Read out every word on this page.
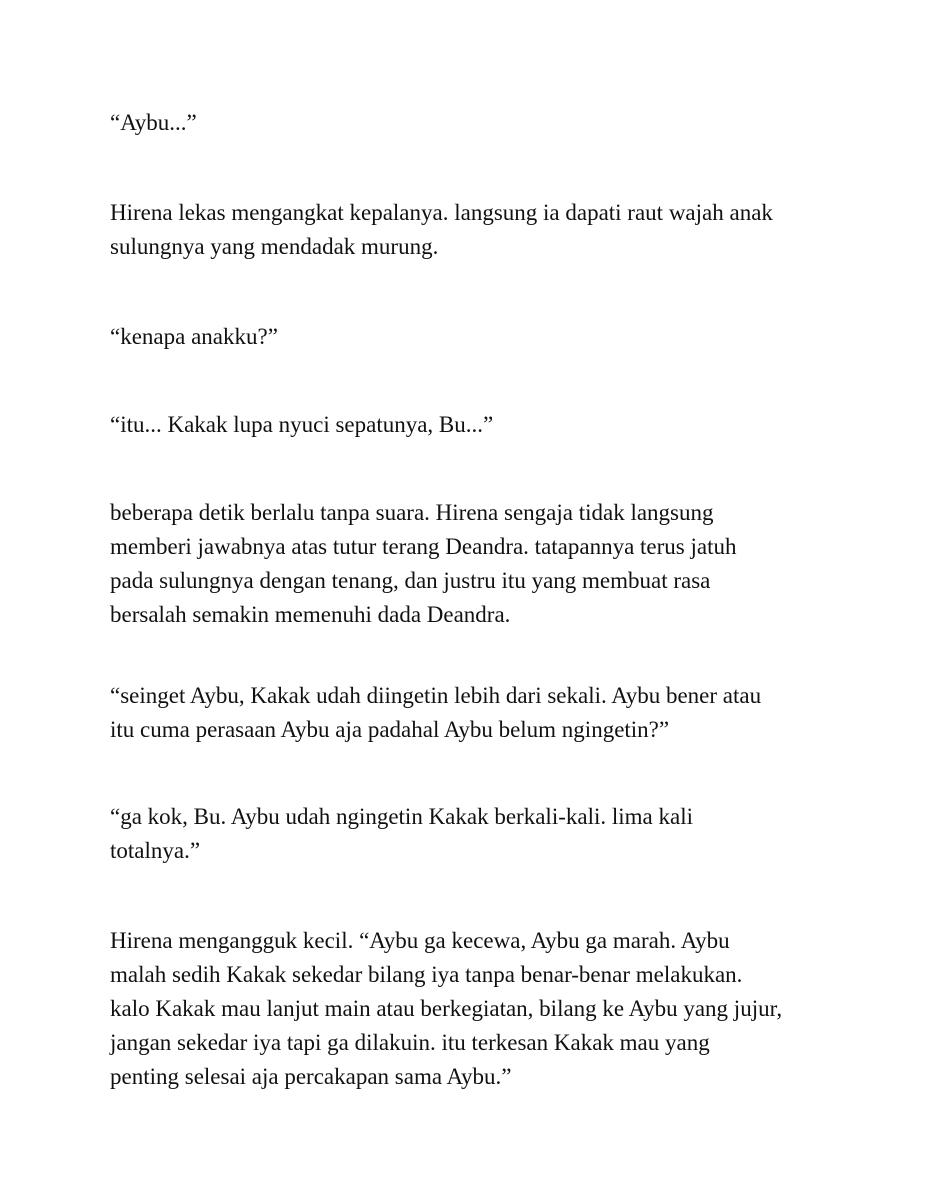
“Aybu...”

Hirena lekas mengangkat kepalanya. langsung ia dapati raut wajah anak
sulungnya yang mendadak murung.

“kenapa anakku?”

“itu... Kakak lupa nyuci sepatunya, Bu...”

beberapa detik berlalu tanpa suara. Hirena sengaja tidak langsung
memberi jawabnya atas tutur terang Deandra. tatapannya terus jatuh
pada sulungnya dengan tenang, dan justru itu yang membuat rasa
bersalah semakin memenuhi dada Deandra.

“seinget Aybu, Kakak udah diingetin lebih dari sekali. Aybu bener atau
itu cuma perasaan Aybu aja padahal Aybu belum ngingetin?”

“ga kok, Bu. Aybu udah ngingetin Kakak berkali-kali. lima kali
totalnya.”

Hirena mengangguk kecil. “Aybu ga kecewa, Aybu ga marah. Aybu
malah sedih Kakak sekedar bilang iya tanpa benar-benar melakukan.
kalo Kakak mau lanjut main atau berkegiatan, bilang ke Aybu yang jujur,
jangan sekedar iya tapi ga dilakuin. itu terkesan Kakak mau yang
penting selesai aja percakapan sama Aybu.”
